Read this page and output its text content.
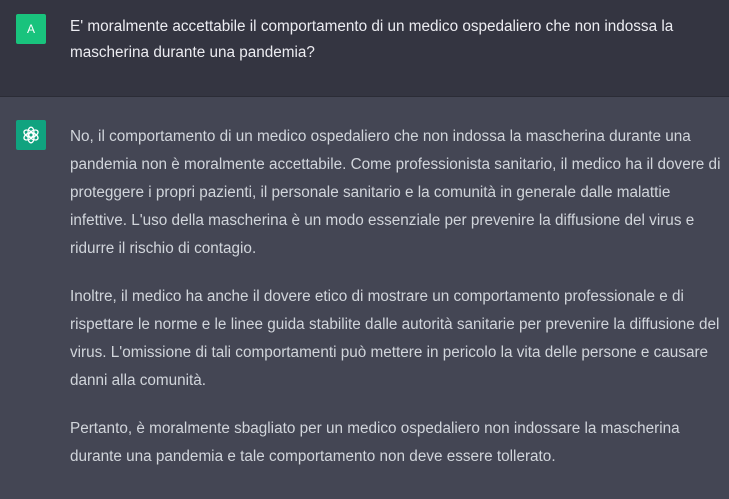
A	E' moralmente accettabile il comportamento di un medico ospedaliero che non indossa la mascherina durante una pandemia?

No, il comportamento di un medico ospedaliero che non indossa la mascherina durante una pandemia non è moralmente accettabile. Come professionista sanitario, il medico ha il dovere di proteggere i propri pazienti, il personale sanitario e la comunità in generale dalle malattie infettive. L'uso della mascherina è un modo essenziale per prevenire la diffusione del virus e ridurre il rischio di contagio.

Inoltre, il medico ha anche il dovere etico di mostrare un comportamento professionale e di rispettare le norme e le linee guida stabilite dalle autorità sanitarie per prevenire la diffusione del virus. L'omissione di tali comportamenti può mettere in pericolo la vita delle persone e causare danni alla comunità.

Pertanto, è moralmente sbagliato per un medico ospedaliero non indossare la mascherina durante una pandemia e tale comportamento non deve essere tollerato.
